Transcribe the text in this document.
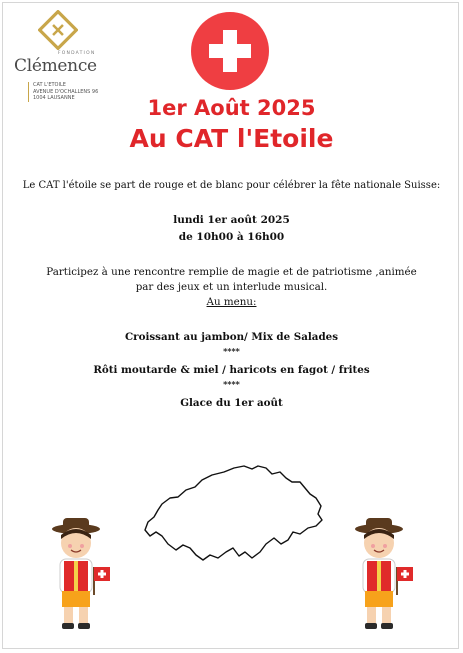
FONDATION
Clémence
CAT L'ETOILE
AVENUE D'OCHALLENS 96
1004 LAUSANNE	1er Août 2025
Au CAT l'Etoile
Le CAT l'étoile se part de rouge et de blanc pour célébrer la fête nationale Suisse:
lundi 1er août 2025
de 10h00 à 16h00
Participez à une rencontre remplie de magie et de patriotisme ,animée par des jeux et un interlude musical.
Au menu:
Croissant au jambon/ Mix de Salades
****
Rôti moutarde & miel / haricots en fagot / frites
****
Glace du 1er août
